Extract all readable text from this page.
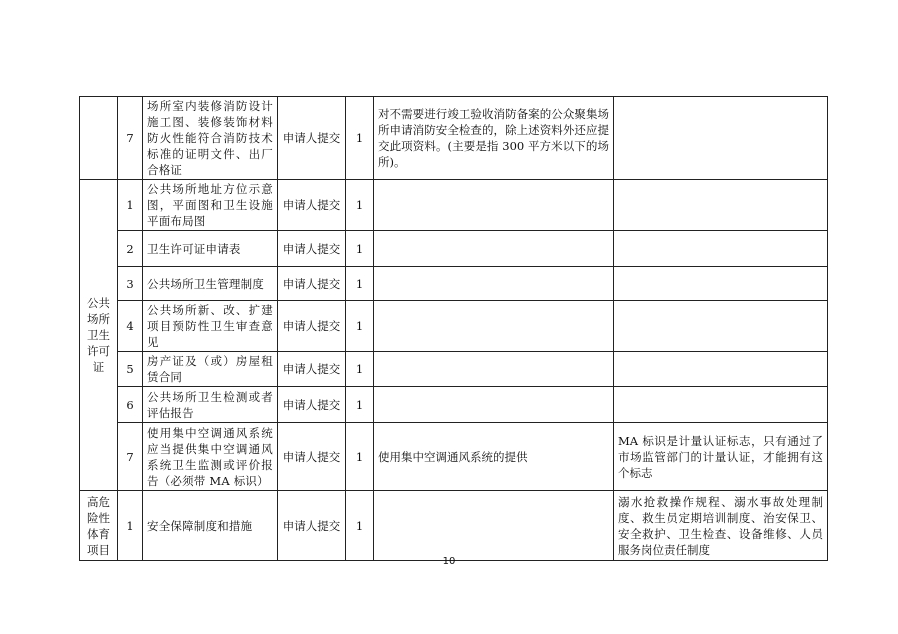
	7	场所室内装修消防设计施工图、装修装饰材料防火性能符合消防技术标准的证明文件、出厂合格证	申请人提交	1	对不需要进行竣工验收消防备案的公众聚集场所申请消防安全检查的，除上述资料外还应提交此项资料。(主要是指 300 平方米以下的场所)。	
公共场所卫生许可证	1	公共场所地址方位示意图，平面图和卫生设施平面布局图	申请人提交	1		
	2	卫生许可证申请表	申请人提交	1		
	3	公共场所卫生管理制度	申请人提交	1		
	4	公共场所新、改、扩建项目预防性卫生审查意见	申请人提交	1		
	5	房产证及（或）房屋租赁合同	申请人提交	1		
	6	公共场所卫生检测或者评估报告	申请人提交	1		
	7	使用集中空调通风系统应当提供集中空调通风系统卫生监测或评价报告（必须带 MA 标识）	申请人提交	1	使用集中空调通风系统的提供	MA 标识是计量认证标志，只有通过了市场监管部门的计量认证，才能拥有这个标志
高危险性体育项目	1	安全保障制度和措施	申请人提交	1		溺水抢救操作规程、溺水事故处理制度、救生员定期培训制度、治安保卫、安全救护、卫生检查、设备维修、人员服务岗位责任制度
10
